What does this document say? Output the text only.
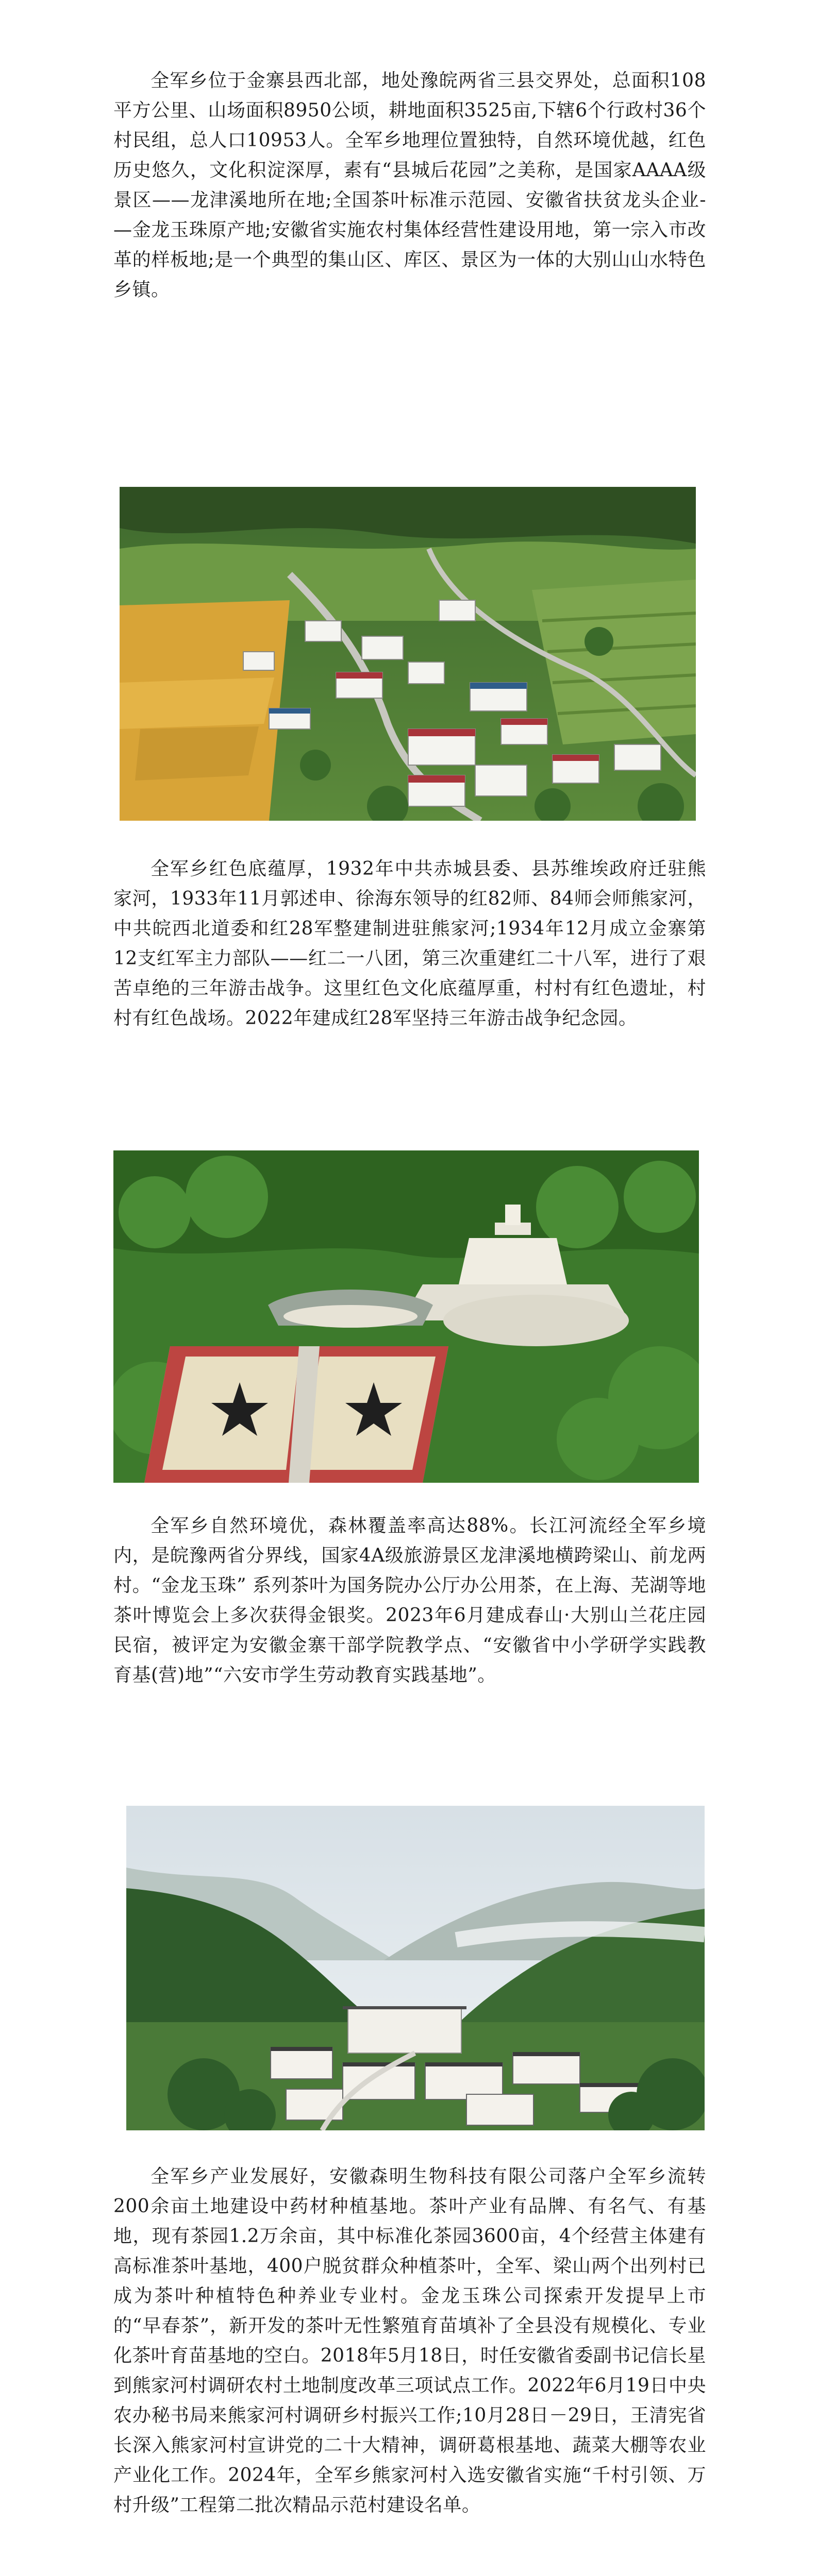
全军乡位于金寨县西北部，地处豫皖两省三县交界处，总面积108平方公里、山场面积8950公顷，耕地面积3525亩,下辖6个行政村36个村民组，总人口10953人。全军乡地理位置独特，自然环境优越，红色历史悠久，文化积淀深厚，素有“县城后花园”之美称，是国家AAAA级景区——龙津溪地所在地;全国茶叶标准示范园、安徽省扶贫龙头企业-—金龙玉珠原产地;安徽省实施农村集体经营性建设用地，第一宗入市改革的样板地;是一个典型的集山区、库区、景区为一体的大别山山水特色乡镇。

全军乡红色底蕴厚，1932年中共赤城县委、县苏维埃政府迁驻熊家河，1933年11月郭述申、徐海东领导的红82师、84师会师熊家河，中共皖西北道委和红28军整建制进驻熊家河;1934年12月成立金寨第12支红军主力部队——红二一八团，第三次重建红二十八军，进行了艰苦卓绝的三年游击战争。这里红色文化底蕴厚重，村村有红色遗址，村村有红色战场。2022年建成红28军坚持三年游击战争纪念园。

全军乡自然环境优，森林覆盖率高达88%。长江河流经全军乡境内，是皖豫两省分界线，国家4A级旅游景区龙津溪地横跨梁山、前龙两村。“金龙玉珠” 系列茶叶为国务院办公厅办公用茶，在上海、芜湖等地茶叶博览会上多次获得金银奖。2023年6月建成春山·大别山兰花庄园民宿，被评定为安徽金寨干部学院教学点、“安徽省中小学研学实践教育基(营)地”“六安市学生劳动教育实践基地”。

全军乡产业发展好，安徽森明生物科技有限公司落户全军乡流转200余亩土地建设中药材种植基地。茶叶产业有品牌、有名气、有基地，现有茶园1.2万余亩，其中标准化茶园3600亩，4个经营主体建有高标准茶叶基地，400户脱贫群众种植茶叶，全军、梁山两个出列村已成为茶叶种植特色种养业专业村。金龙玉珠公司探索开发提早上市的“早春茶”，新开发的茶叶无性繁殖育苗填补了全县没有规模化、专业化茶叶育苗基地的空白。2018年5月18日，时任安徽省委副书记信长星到熊家河村调研农村土地制度改革三项试点工作。2022年6月19日中央 农办秘书局来熊家河村调研乡村振兴工作;10月28日－29日，王清宪省长深入熊家河村宣讲党的二十大精神，调研葛根基地、蔬菜大棚等农业产业化工作。2024年，全军乡熊家河村入选安徽省实施“千村引领、万村升级”工程第二批次精品示范村建设名单。
